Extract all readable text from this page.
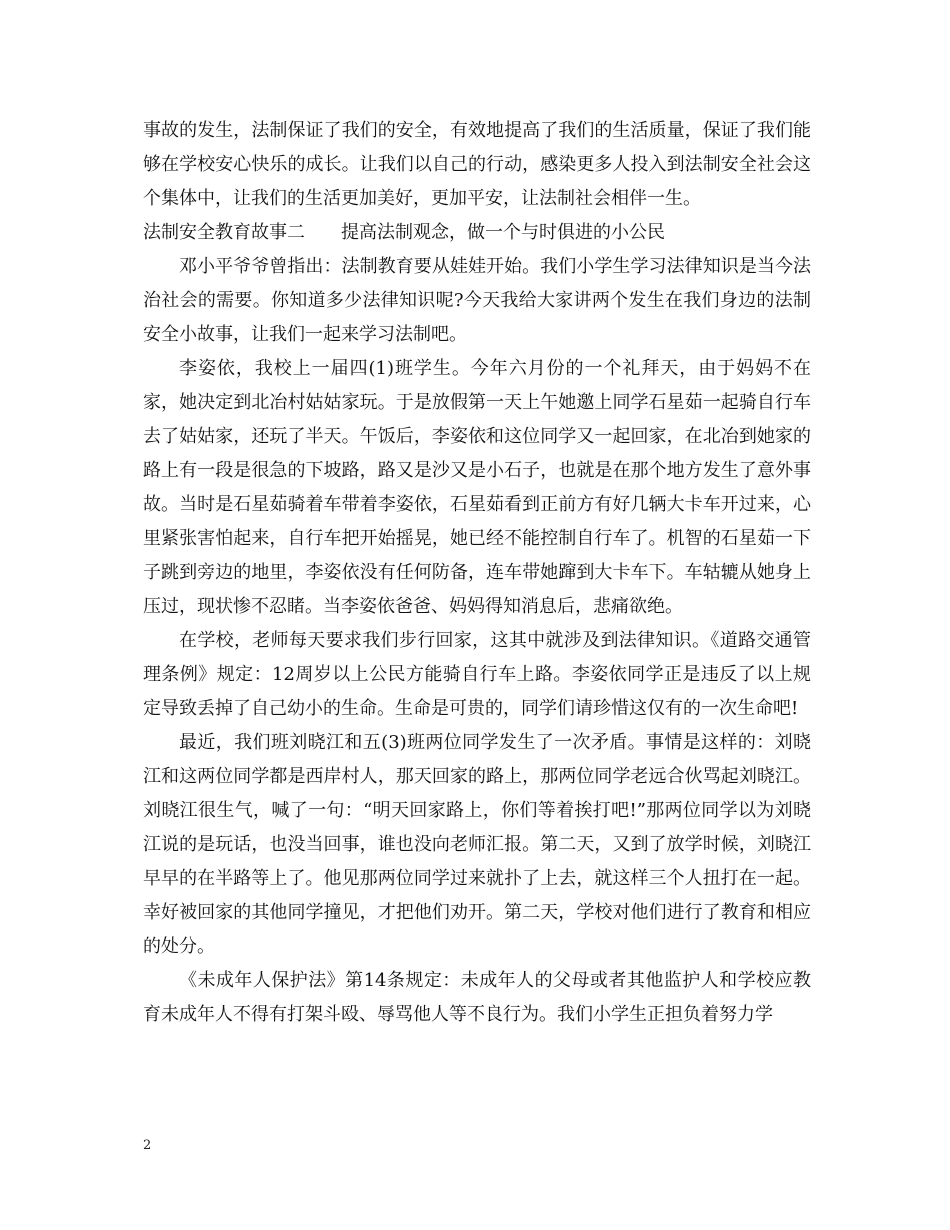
事故的发生，法制保证了我们的安全，有效地提高了我们的生活质量，保证了我们能够在学校安心快乐的成长。让我们以自己的行动，感染更多人投入到法制安全社会这个集体中，让我们的生活更加美好，更加平安，让法制社会相伴一生。

法制安全教育故事二　　提高法制观念，做一个与时俱进的小公民

邓小平爷爷曾指出：法制教育要从娃娃开始。我们小学生学习法律知识是当今法治社会的需要。你知道多少法律知识呢?今天我给大家讲两个发生在我们身边的法制安全小故事，让我们一起来学习法制吧。

李姿依，我校上一届四(1)班学生。今年六月份的一个礼拜天，由于妈妈不在家，她决定到北冶村姑姑家玩。于是放假第一天上午她邀上同学石星茹一起骑自行车去了姑姑家，还玩了半天。午饭后，李姿依和这位同学又一起回家，在北冶到她家的路上有一段是很急的下坡路，路又是沙又是小石子，也就是在那个地方发生了意外事故。当时是石星茹骑着车带着李姿依，石星茹看到正前方有好几辆大卡车开过来，心里紧张害怕起来，自行车把开始摇晃，她已经不能控制自行车了。机智的石星茹一下子跳到旁边的地里，李姿依没有任何防备，连车带她蹿到大卡车下。车轱辘从她身上压过，现状惨不忍睹。当李姿依爸爸、妈妈得知消息后，悲痛欲绝。

在学校，老师每天要求我们步行回家，这其中就涉及到法律知识。《道路交通管理条例》规定：12周岁以上公民方能骑自行车上路。李姿依同学正是违反了以上规定导致丢掉了自己幼小的生命。生命是可贵的，同学们请珍惜这仅有的一次生命吧!

最近，我们班刘晓江和五(3)班两位同学发生了一次矛盾。事情是这样的：刘晓江和这两位同学都是西岸村人，那天回家的路上，那两位同学老远合伙骂起刘晓江。刘晓江很生气，喊了一句：“明天回家路上，你们等着挨打吧!”那两位同学以为刘晓江说的是玩话，也没当回事，谁也没向老师汇报。第二天，又到了放学时候，刘晓江早早的在半路等上了。他见那两位同学过来就扑了上去，就这样三个人扭打在一起。幸好被回家的其他同学撞见，才把他们劝开。第二天，学校对他们进行了教育和相应的处分。

《未成年人保护法》第14条规定：未成年人的父母或者其他监护人和学校应教育未成年人不得有打架斗殴、辱骂他人等不良行为。我们小学生正担负着努力学

2
